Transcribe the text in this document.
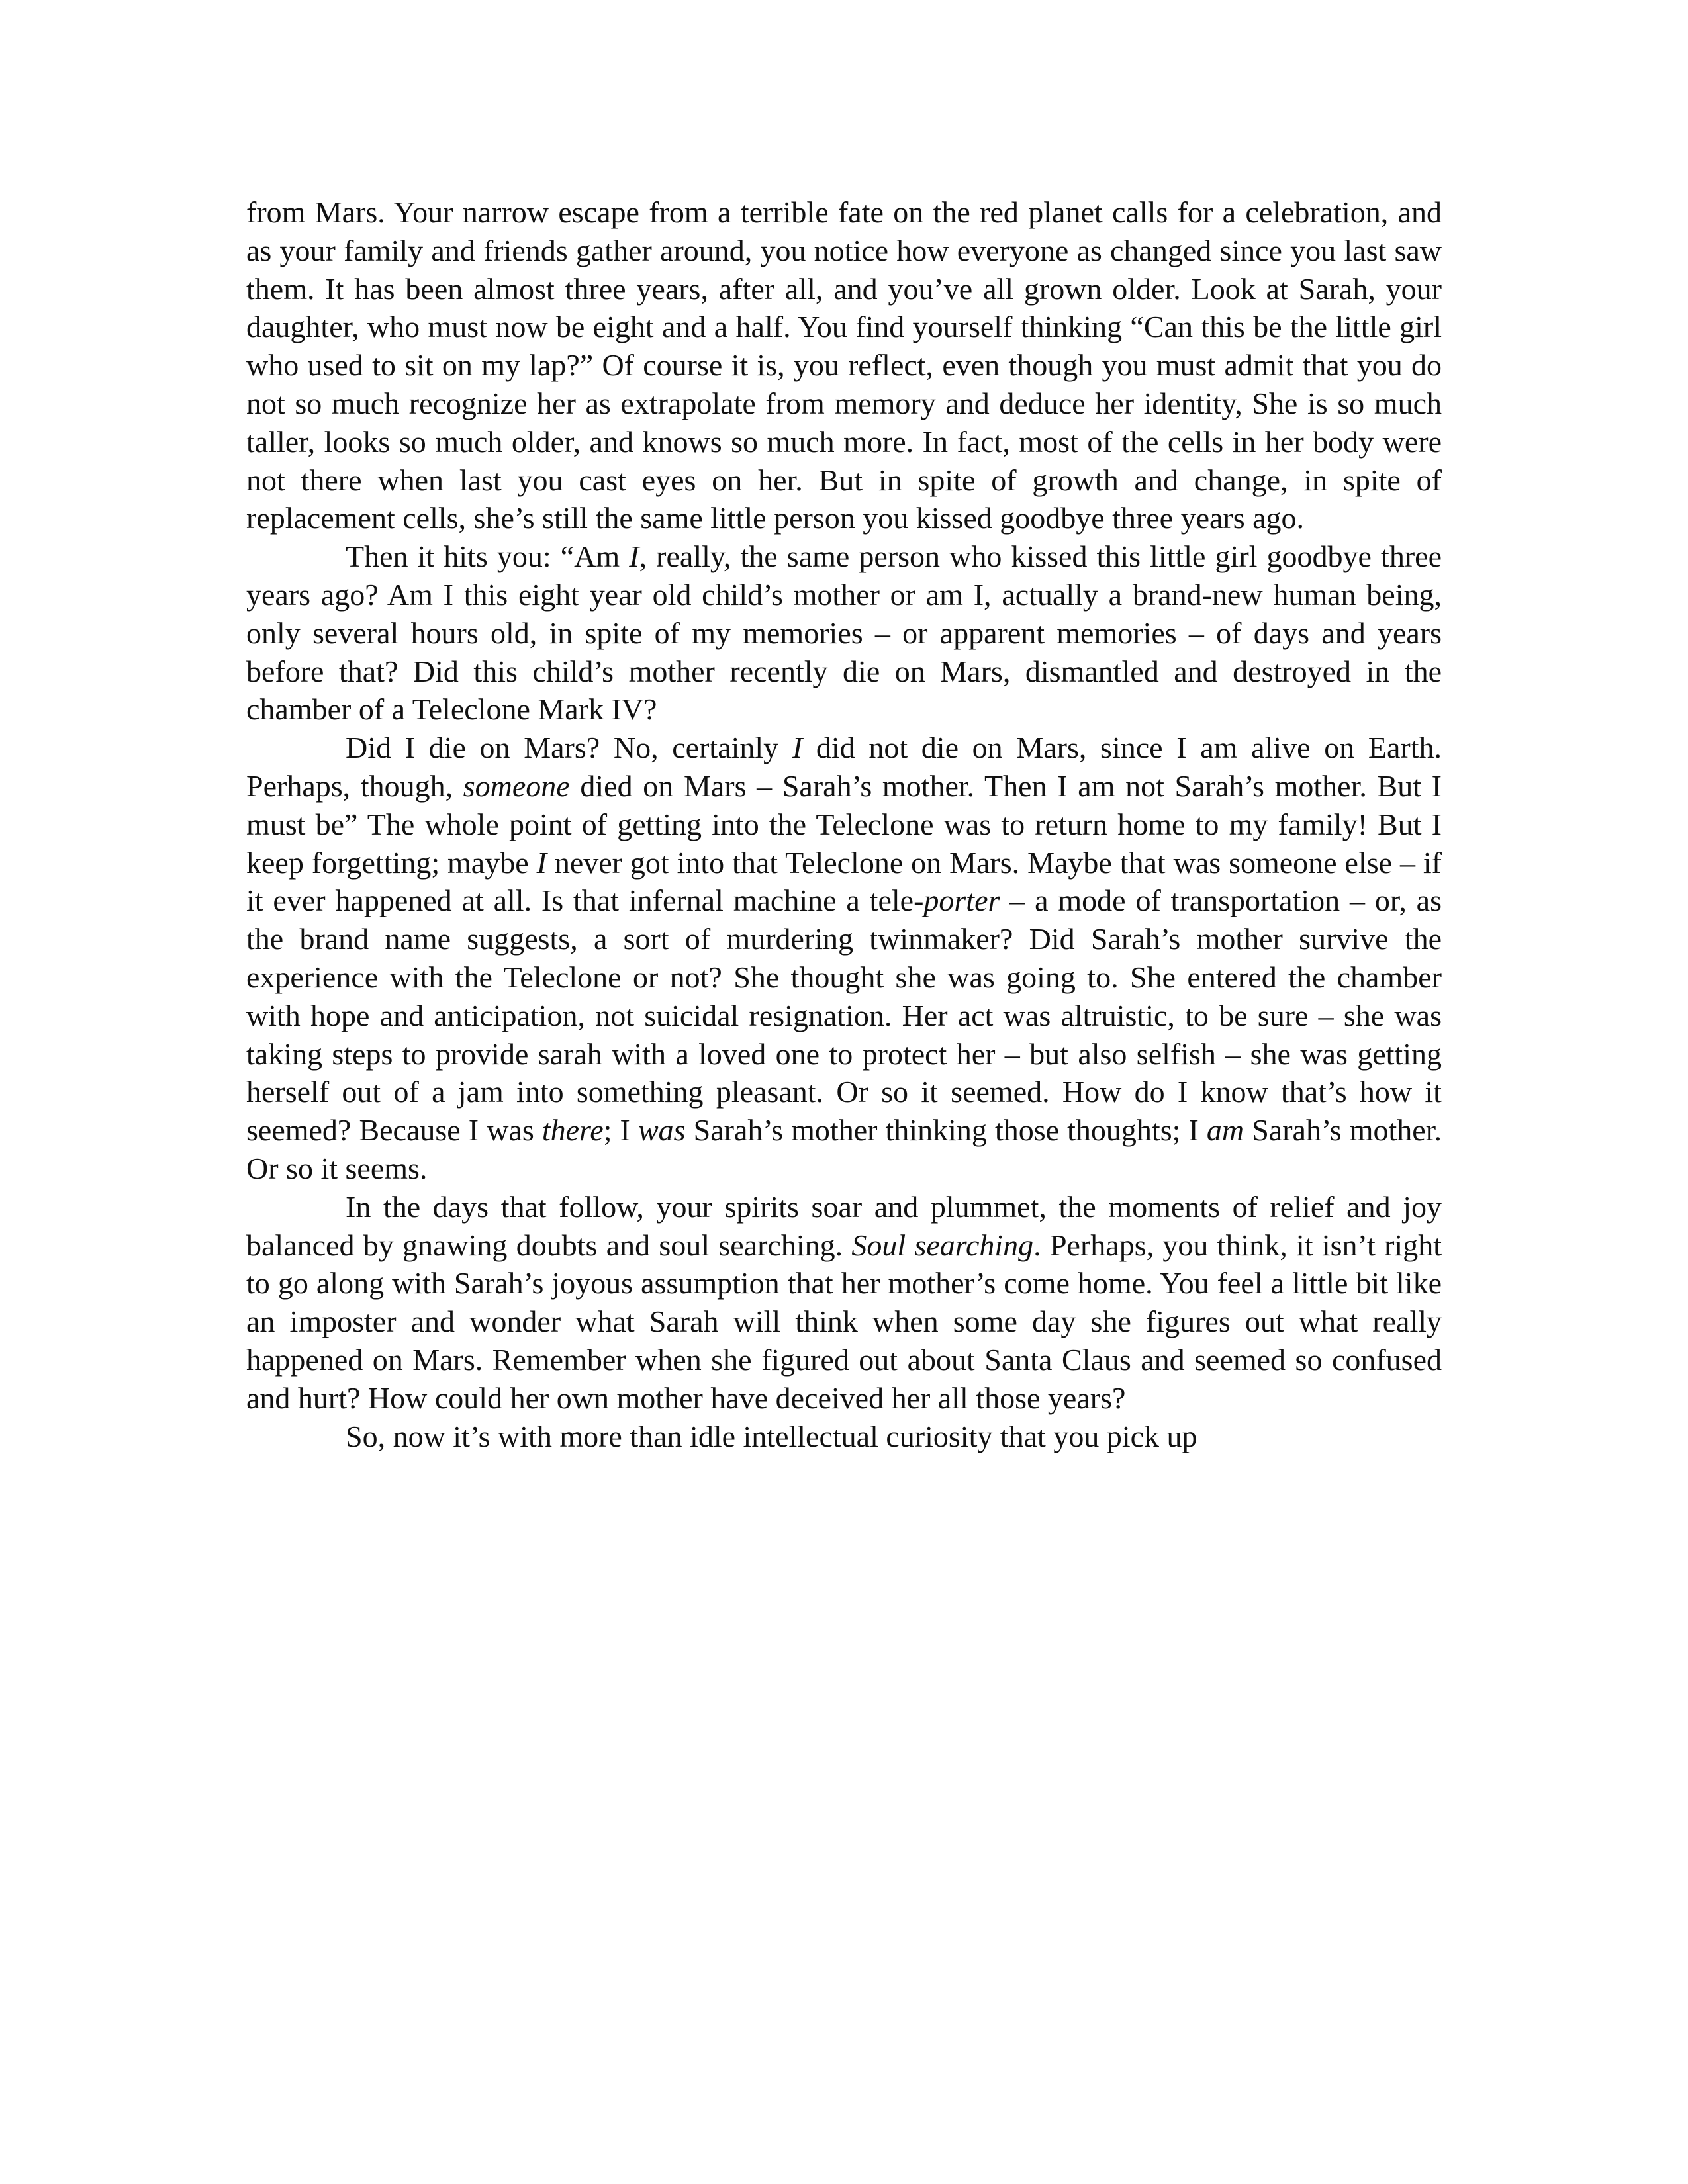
from Mars. Your narrow escape from a terrible fate on the red planet calls for a celebration, and as your family and friends gather around, you notice how everyone as changed since you last saw them. It has been almost three years, after all, and you’ve all grown older. Look at Sarah, your daughter, who must now be eight and a half. You find yourself thinking “Can this be the little girl who used to sit on my lap?” Of course it is, you reflect, even though you must admit that you do not so much recognize her as extrapolate from memory and deduce her identity, She is so much taller, looks so much older, and knows so much more. In fact, most of the cells in her body were not there when last you cast eyes on her. But in spite of growth and change, in spite of replacement cells, she’s still the same little person you kissed goodbye three years ago.

Then it hits you: “Am I, really, the same person who kissed this little girl goodbye three years ago? Am I this eight year old child’s mother or am I, actually a brand-new human being, only several hours old, in spite of my memories – or apparent memories – of days and years before that? Did this child’s mother recently die on Mars, dismantled and destroyed in the chamber of a Teleclone Mark IV?

Did I die on Mars? No, certainly I did not die on Mars, since I am alive on Earth. Perhaps, though, someone died on Mars – Sarah’s mother. Then I am not Sarah’s mother. But I must be” The whole point of getting into the Teleclone was to return home to my family! But I keep forgetting; maybe I never got into that Teleclone on Mars. Maybe that was someone else – if it ever happened at all. Is that infernal machine a tele-porter – a mode of transportation – or, as the brand name suggests, a sort of murdering twinmaker? Did Sarah’s mother survive the experience with the Teleclone or not? She thought she was going to. She entered the chamber with hope and anticipation, not suicidal resignation. Her act was altruistic, to be sure – she was taking steps to provide sarah with a loved one to protect her – but also selfish – she was getting herself out of a jam into something pleasant. Or so it seemed. How do I know that’s how it seemed? Because I was there; I was Sarah’s mother thinking those thoughts; I am Sarah’s mother. Or so it seems.

In the days that follow, your spirits soar and plummet, the moments of relief and joy balanced by gnawing doubts and soul searching. Soul searching. Perhaps, you think, it isn’t right to go along with Sarah’s joyous assumption that her mother’s come home. You feel a little bit like an imposter and wonder what Sarah will think when some day she figures out what really happened on Mars. Remember when she figured out about Santa Claus and seemed so confused and hurt? How could her own mother have deceived her all those years?

So, now it’s with more than idle intellectual curiosity that you pick up
